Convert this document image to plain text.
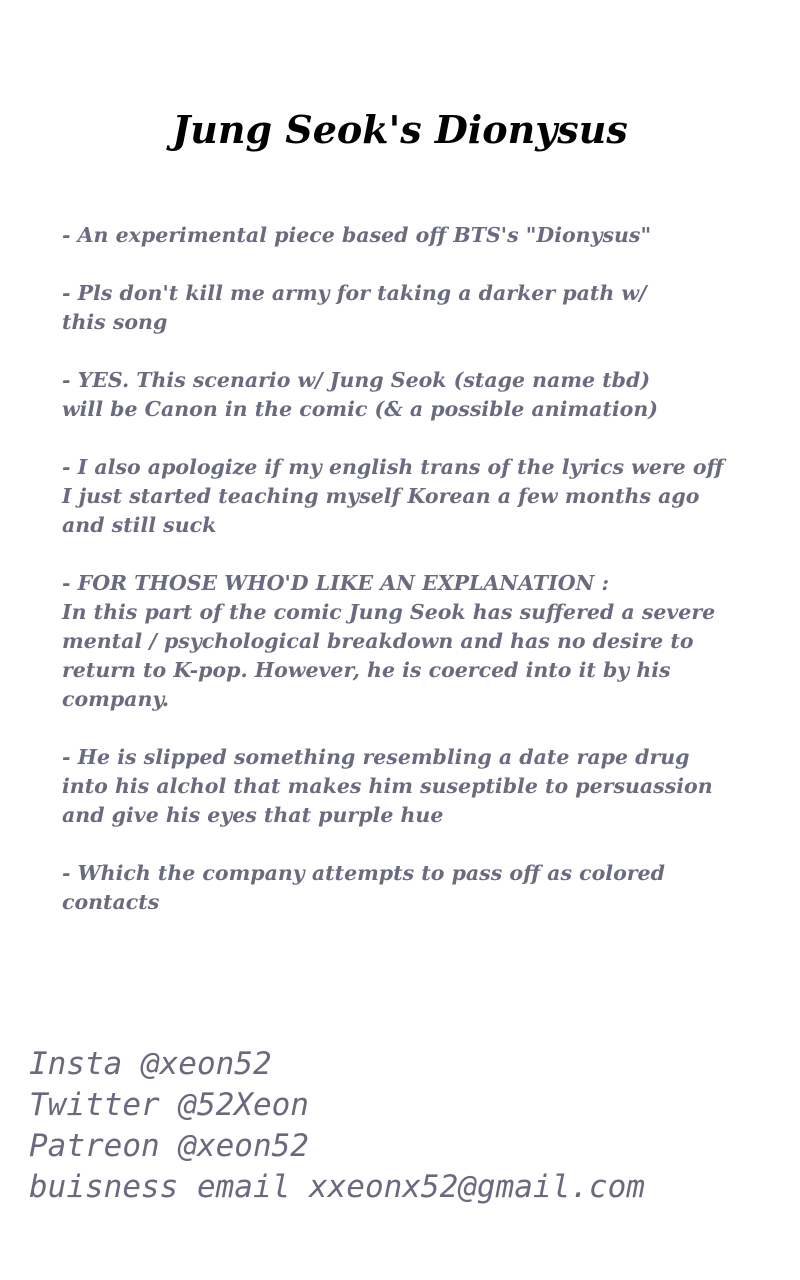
Jung Seok's Dionysus
- An experimental piece based off BTS's "Dionysus"
- Pls don't kill me army for taking a darker path w/
this song
- YES. This scenario w/ Jung Seok (stage name tbd)
will be Canon in the comic (& a possible animation)
- I also apologize if my english trans of the lyrics were off
I just started teaching myself Korean a few months ago
and still suck
- FOR THOSE WHO'D LIKE AN EXPLANATION :
In this part of the comic Jung Seok has suffered a severe
mental / psychological breakdown and has no desire to
return to K-pop. However, he is coerced into it by his
company.
- He is slipped something resembling a date rape drug
into his alchol that makes him suseptible to persuassion
and give his eyes that purple hue
- Which the company attempts to pass off as colored
contacts

Insta @xeon52

Twitter @52Xeon

Patreon @xeon52

buisness email xxeonx52@gmail.com
